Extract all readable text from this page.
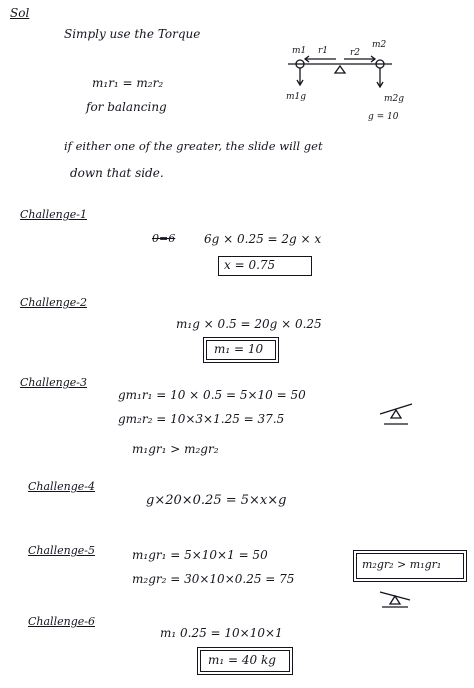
Sol
Simply use the Torque
m₁r₁ = m₂r₂
for balancing
if either one of the greater, the slide will get
down that side.
m1 r1 r2
m2
m1g	m2g
g = 10
Challenge-1
0=6 6g × 0.25 = 2g × x
x = 0.75
Challenge-2
m₁g × 0.5 = 20g × 0.25
m₁ = 10
Challenge-3
gm₁r₁ = 10 × 0.5 = 5×10 = 50
gm₂r₂ = 10×3×1.25 = 37.5
m₁gr₁ > m₂gr₂
Challenge-4
g×20×0.25 = 5×x×g
Challenge-5	m₁gr₁ = 5×10×1 = 50
m₂gr₂ = 30×10×0.25 = 75
m₂gr₂ > m₁gr₁
Challenge-6
m₁ 0.25 = 10×10×1
m₁ = 40 kg
